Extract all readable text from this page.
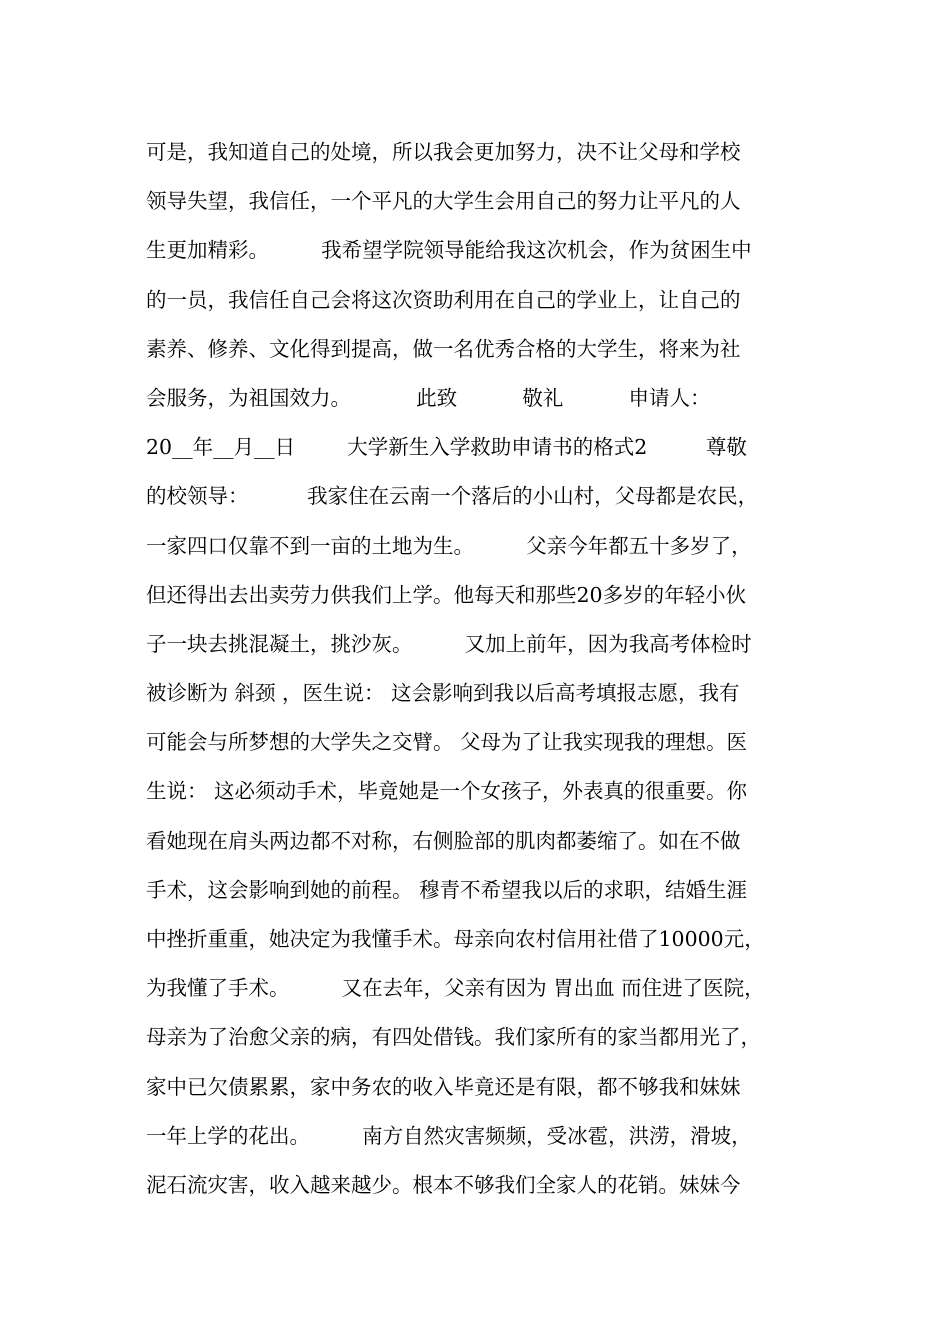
可是，我知道自己的处境，所以我会更加努力，决不让父母和学校
领导失望，我信任，一个平凡的大学生会用自己的努力让平凡的人
生更加精彩。        我希望学院领导能给我这次机会，作为贫困生中
的一员，我信任自己会将这次资助利用在自己的学业上，让自己的
素养、修养、文化得到提高，做一名优秀合格的大学生，将来为社
会服务，为祖国效力。          此致          敬礼          申请人：
20__年__月__日        大学新生入学救助申请书的格式2         尊敬
的校领导：         我家住在云南一个落后的小山村，父母都是农民，
一家四口仅靠不到一亩的土地为生。        父亲今年都五十多岁了，
但还得出去出卖劳力供我们上学。他每天和那些20多岁的年轻小伙
子一块去挑混凝土，挑沙灰。        又加上前年，因为我高考体检时
被诊断为 斜颈 ，医生说： 这会影响到我以后高考填报志愿，我有
可能会与所梦想的大学失之交臂。 父母为了让我实现我的理想。医
生说： 这必须动手术，毕竟她是一个女孩子，外表真的很重要。你
看她现在肩头两边都不对称，右侧脸部的肌肉都萎缩了。如在不做
手术，这会影响到她的前程。 穆青不希望我以后的求职，结婚生涯
中挫折重重，她决定为我懂手术。母亲向农村信用社借了10000元，
为我懂了手术。        又在去年，父亲有因为 胃出血 而住进了医院，
母亲为了治愈父亲的病，有四处借钱。我们家所有的家当都用光了，
家中已欠债累累，家中务农的收入毕竟还是有限，都不够我和妹妹
一年上学的花出。        南方自然灾害频频，受冰雹，洪涝，滑坡，
泥石流灾害，收入越来越少。根本不够我们全家人的花销。妹妹今
